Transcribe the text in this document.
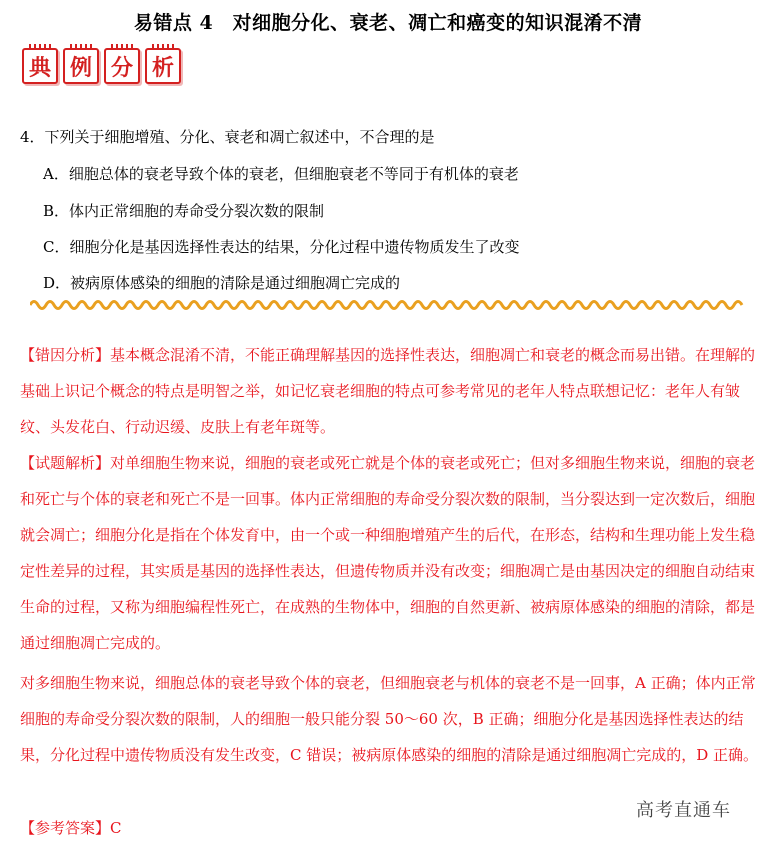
易错点 4　对细胞分化、衰老、凋亡和癌变的知识混淆不清
典 例 分 析
4．下列关于细胞增殖、分化、衰老和凋亡叙述中，不合理的是
A．细胞总体的衰老导致个体的衰老，但细胞衰老不等同于有机体的衰老
B．体内正常细胞的寿命受分裂次数的限制
C．细胞分化是基因选择性表达的结果，分化过程中遗传物质发生了改变
D．被病原体感染的细胞的清除是通过细胞凋亡完成的
【错因分析】基本概念混淆不清，不能正确理解基因的选择性表达，细胞凋亡和衰老的概念而易出错。在理解的基础上识记个概念的特点是明智之举，如记忆衰老细胞的特点可参考常见的老年人特点联想记忆：老年人有皱纹、头发花白、行动迟缓、皮肤上有老年斑等。
【试题解析】对单细胞生物来说，细胞的衰老或死亡就是个体的衰老或死亡；但对多细胞生物来说，细胞的衰老和死亡与个体的衰老和死亡不是一回事。体内正常细胞的寿命受分裂次数的限制，当分裂达到一定次数后，细胞就会凋亡；细胞分化是指在个体发育中，由一个或一种细胞增殖产生的后代，在形态，结构和生理功能上发生稳定性差异的过程，其实质是基因的选择性表达，但遗传物质并没有改变；细胞凋亡是由基因决定的细胞自动结束生命的过程，又称为细胞编程性死亡，在成熟的生物体中，细胞的自然更新、被病原体感染的细胞的清除，都是通过细胞凋亡完成的。
对多细胞生物来说，细胞总体的衰老导致个体的衰老，但细胞衰老与机体的衰老不是一回事，A 正确；体内正常细胞的寿命受分裂次数的限制，人的细胞一般只能分裂 50～60 次，B 正确；细胞分化是基因选择性表达的结果，分化过程中遗传物质没有发生改变，C 错误；被病原体感染的细胞的清除是通过细胞凋亡完成的，D 正确。
【参考答案】C
高考直通车
